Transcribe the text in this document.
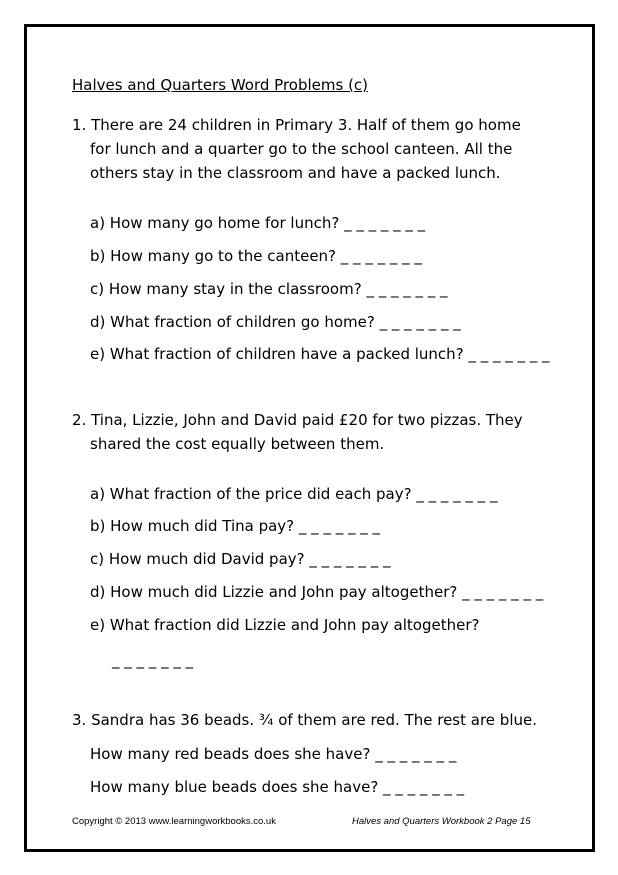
Halves and Quarters Word Problems (c)
1. There are 24 children in Primary 3. Half of them go home
for lunch and a quarter go to the school canteen. All the
others stay in the classroom and have a packed lunch.
a) How many go home for lunch? _ _ _ _ _ _ _
b) How many go to the canteen? _ _ _ _ _ _ _
c) How many stay in the classroom? _ _ _ _ _ _ _
d) What fraction of children go home? _ _ _ _ _ _ _
e) What fraction of children have a packed lunch? _ _ _ _ _ _ _
2. Tina, Lizzie, John and David paid £20 for two pizzas. They
shared the cost equally between them.
a) What fraction of the price did each pay? _ _ _ _ _ _ _
b) How much did Tina pay? _ _ _ _ _ _ _
c) How much did David pay? _ _ _ _ _ _ _
d) How much did Lizzie and John pay altogether? _ _ _ _ _ _ _
e) What fraction did Lizzie and John pay altogether?
_ _ _ _ _ _ _
3. Sandra has 36 beads. ¾ of them are red. The rest are blue.
How many red beads does she have? _ _ _ _ _ _ _
How many blue beads does she have? _ _ _ _ _ _ _
Copyright © 2013 www.learningworkbooks.co.uk	Halves and Quarters Workbook 2 Page 15
